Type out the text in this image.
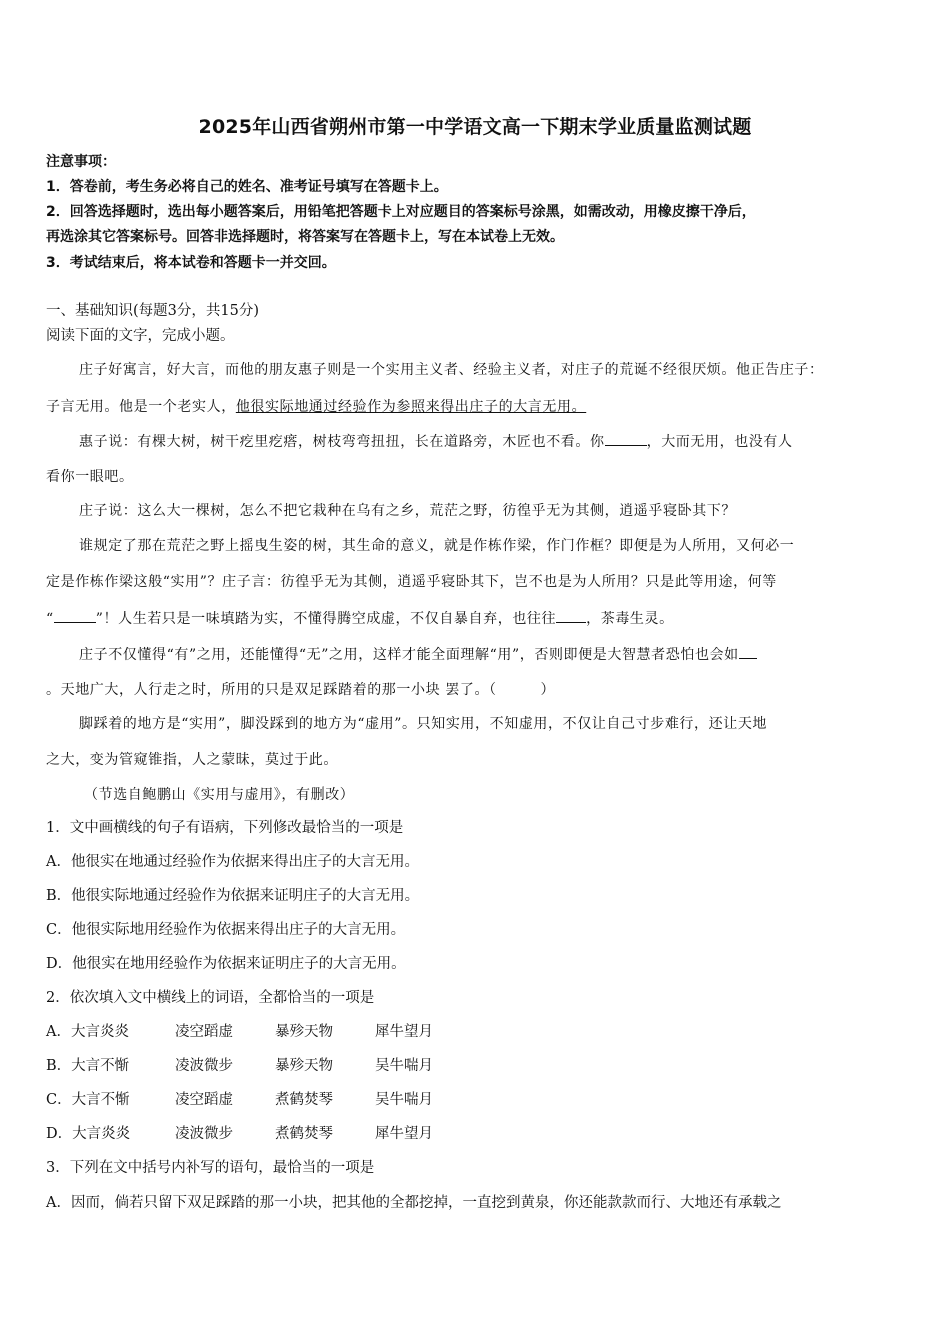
2025年山西省朔州市第一中学语文高一下期末学业质量监测试题
注意事项：
1．答卷前，考生务必将自己的姓名、准考证号填写在答题卡上。
2．回答选择题时，选出每小题答案后，用铅笔把答题卡上对应题目的答案标号涂黑，如需改动，用橡皮擦干净后，
再选涂其它答案标号。回答非选择题时，将答案写在答题卡上，写在本试卷上无效。
3．考试结束后，将本试卷和答题卡一并交回。
一、基础知识(每题3分，共15分)
阅读下面的文字，完成小题。
庄子好寓言，好大言，而他的朋友惠子则是一个实用主义者、经验主义者，对庄子的荒诞不经很厌烦。他正告庄子：
子言无用。他是一个老实人，他很实际地通过经验作为参照来得出庄子的大言无用。
惠子说：有棵大树，树干疙里疙瘩，树枝弯弯扭扭，长在道路旁，木匠也不看。你	，大而无用，也没有人
看你一眼吧。
庄子说：这么大一棵树，怎么不把它栽种在乌有之乡，荒茫之野，彷徨乎无为其侧，逍遥乎寝卧其下？
谁规定了那在荒茫之野上摇曳生姿的树，其生命的意义，就是作栋作梁，作门作框？即便是为人所用，又何必一
定是作栋作梁这般“实用”？庄子言：彷徨乎无为其侧，逍遥乎寝卧其下，岂不也是为人所用？只是此等用途，何等
“	”！人生若只是一味填踏为实，不懂得腾空成虚，不仅自暴自弃，也往往 ，茶毒生灵。
庄子不仅懂得“有”之用，还能懂得“无”之用，这样才能全面理解“用”，否则即便是大智慧者恐怕也会如
。天地广大，人行走之时，所用的只是双足踩踏着的那一小块 罢了。（　　　）
脚踩着的地方是“实用”，脚没踩到的地方为“虚用”。只知实用，不知虚用，不仅让自己寸步难行，还让天地
之大，变为管窥锥指，人之蒙昧，莫过于此。
（节选自鲍鹏山《实用与虚用》，有删改）
1．文中画横线的句子有语病，下列修改最恰当的一项是
A．他很实在地通过经验作为依据来得出庄子的大言无用。
B．他很实际地通过经验作为依据来证明庄子的大言无用。
C．他很实际地用经验作为依据来得出庄子的大言无用。
D．他很实在地用经验作为依据来证明庄子的大言无用。
2．依次填入文中横线上的词语，全都恰当的一项是
A．大言炎炎	凌空蹈虚	暴殄天物	犀牛望月
B．大言不惭	凌波微步	暴殄天物	吴牛喘月
C．大言不惭	凌空蹈虚	煮鹤焚琴	吴牛喘月
D．大言炎炎	凌波微步	煮鹤焚琴	犀牛望月
3．下列在文中括号内补写的语句，最恰当的一项是
A．因而，倘若只留下双足踩踏的那一小块，把其他的全都挖掉，一直挖到黄泉，你还能款款而行、大地还有承载之
